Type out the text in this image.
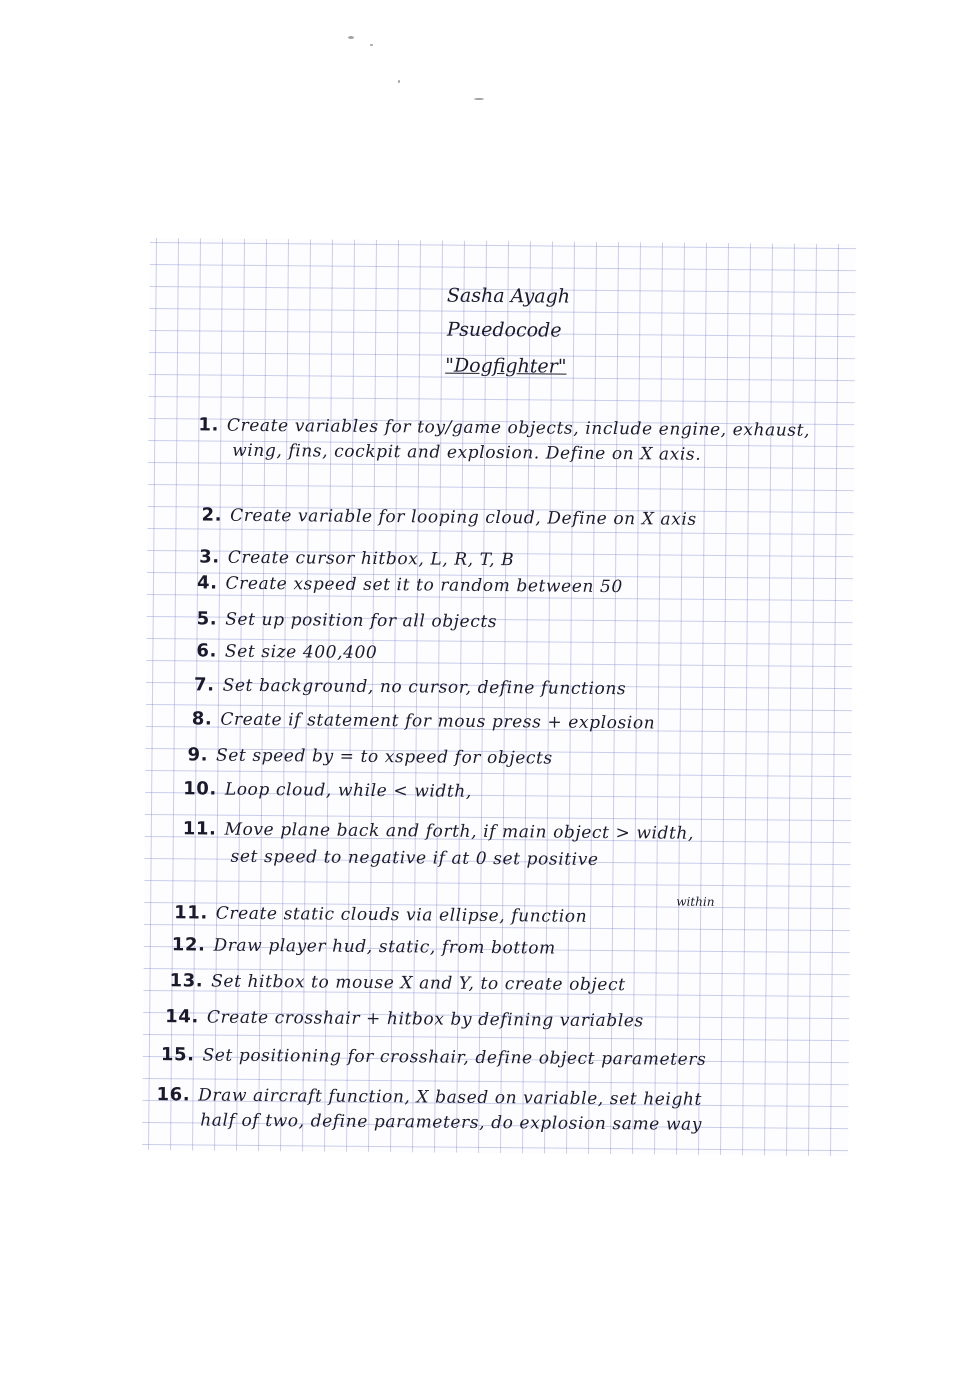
Sasha Ayagh
Psuedocode
"Dogfighter"
1. Create variables for toy/game objects, include engine, exhaust,
wing, fins, cockpit and explosion. Define on X axis.
2. Create variable for looping cloud, Define on X axis
3. Create cursor hitbox, L, R, T, B
4. Create xspeed set it to random between 50
5. Set up position for all objects
6. Set size 400,400
7. Set background, no cursor, define functions
8. Create if statement for mous press + explosion
9. Set speed by = to xspeed for objects
10. Loop cloud, while < width,
11. Move plane back and forth, if main object > width,
set speed to negative if at 0 set positive
within
11. Create static clouds via ellipse, function
12. Draw player hud, static, from bottom
13. Set hitbox to mouse X and Y, to create object
14. Create crosshair + hitbox by defining variables
15. Set positioning for crosshair, define object parameters
16. Draw aircraft function, X based on variable, set height
half of two, define parameters, do explosion same way
